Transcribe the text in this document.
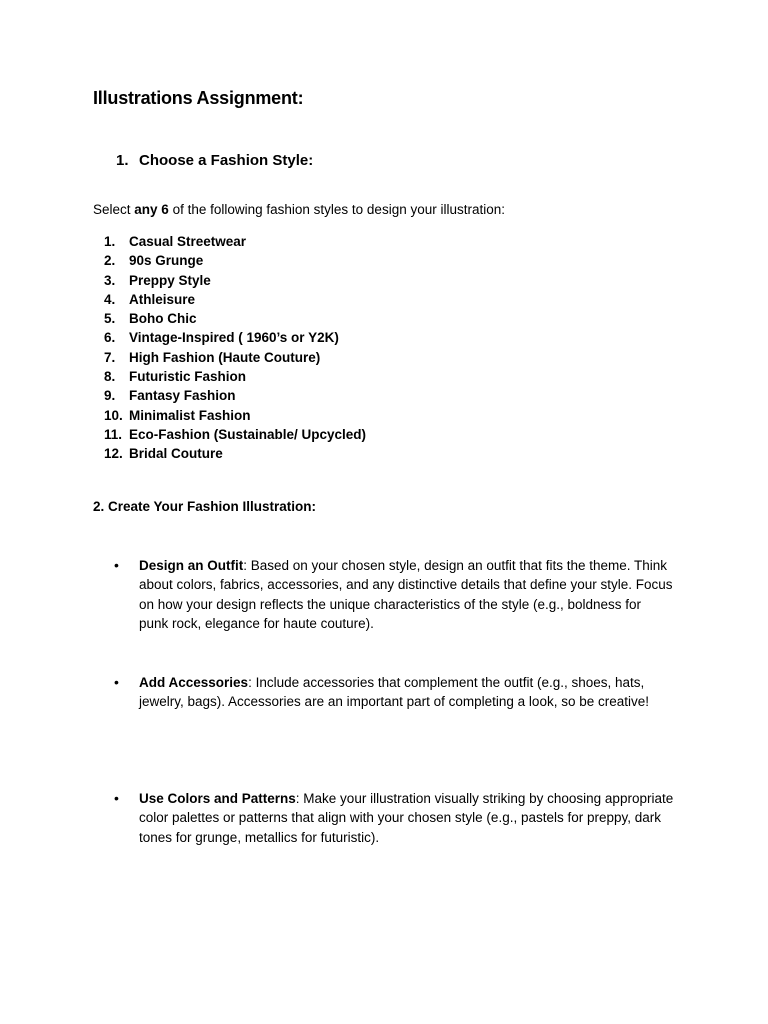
Illustrations Assignment:
1. Choose a Fashion Style:

Select any 6 of the following fashion styles to design your illustration:

1. Casual Streetwear
2. 90s Grunge
3. Preppy Style
4. Athleisure
5. Boho Chic
6. Vintage-Inspired ( 1960’s or Y2K)
7. High Fashion (Haute Couture)
8. Futuristic Fashion
9. Fantasy Fashion
10. Minimalist Fashion
11. Eco-Fashion (Sustainable/ Upcycled)
12. Bridal Couture
2. Create Your Fashion Illustration:
• Design an Outfit: Based on your chosen style, design an outfit that fits the theme. Think about colors, fabrics, accessories, and any distinctive details that define your style. Focus on how your design reflects the unique characteristics of the style (e.g., boldness for punk rock, elegance for haute couture).
• Add Accessories: Include accessories that complement the outfit (e.g., shoes, hats, jewelry, bags). Accessories are an important part of completing a look, so be creative!
• Use Colors and Patterns: Make your illustration visually striking by choosing appropriate color palettes or patterns that align with your chosen style (e.g., pastels for preppy, dark tones for grunge, metallics for futuristic).
